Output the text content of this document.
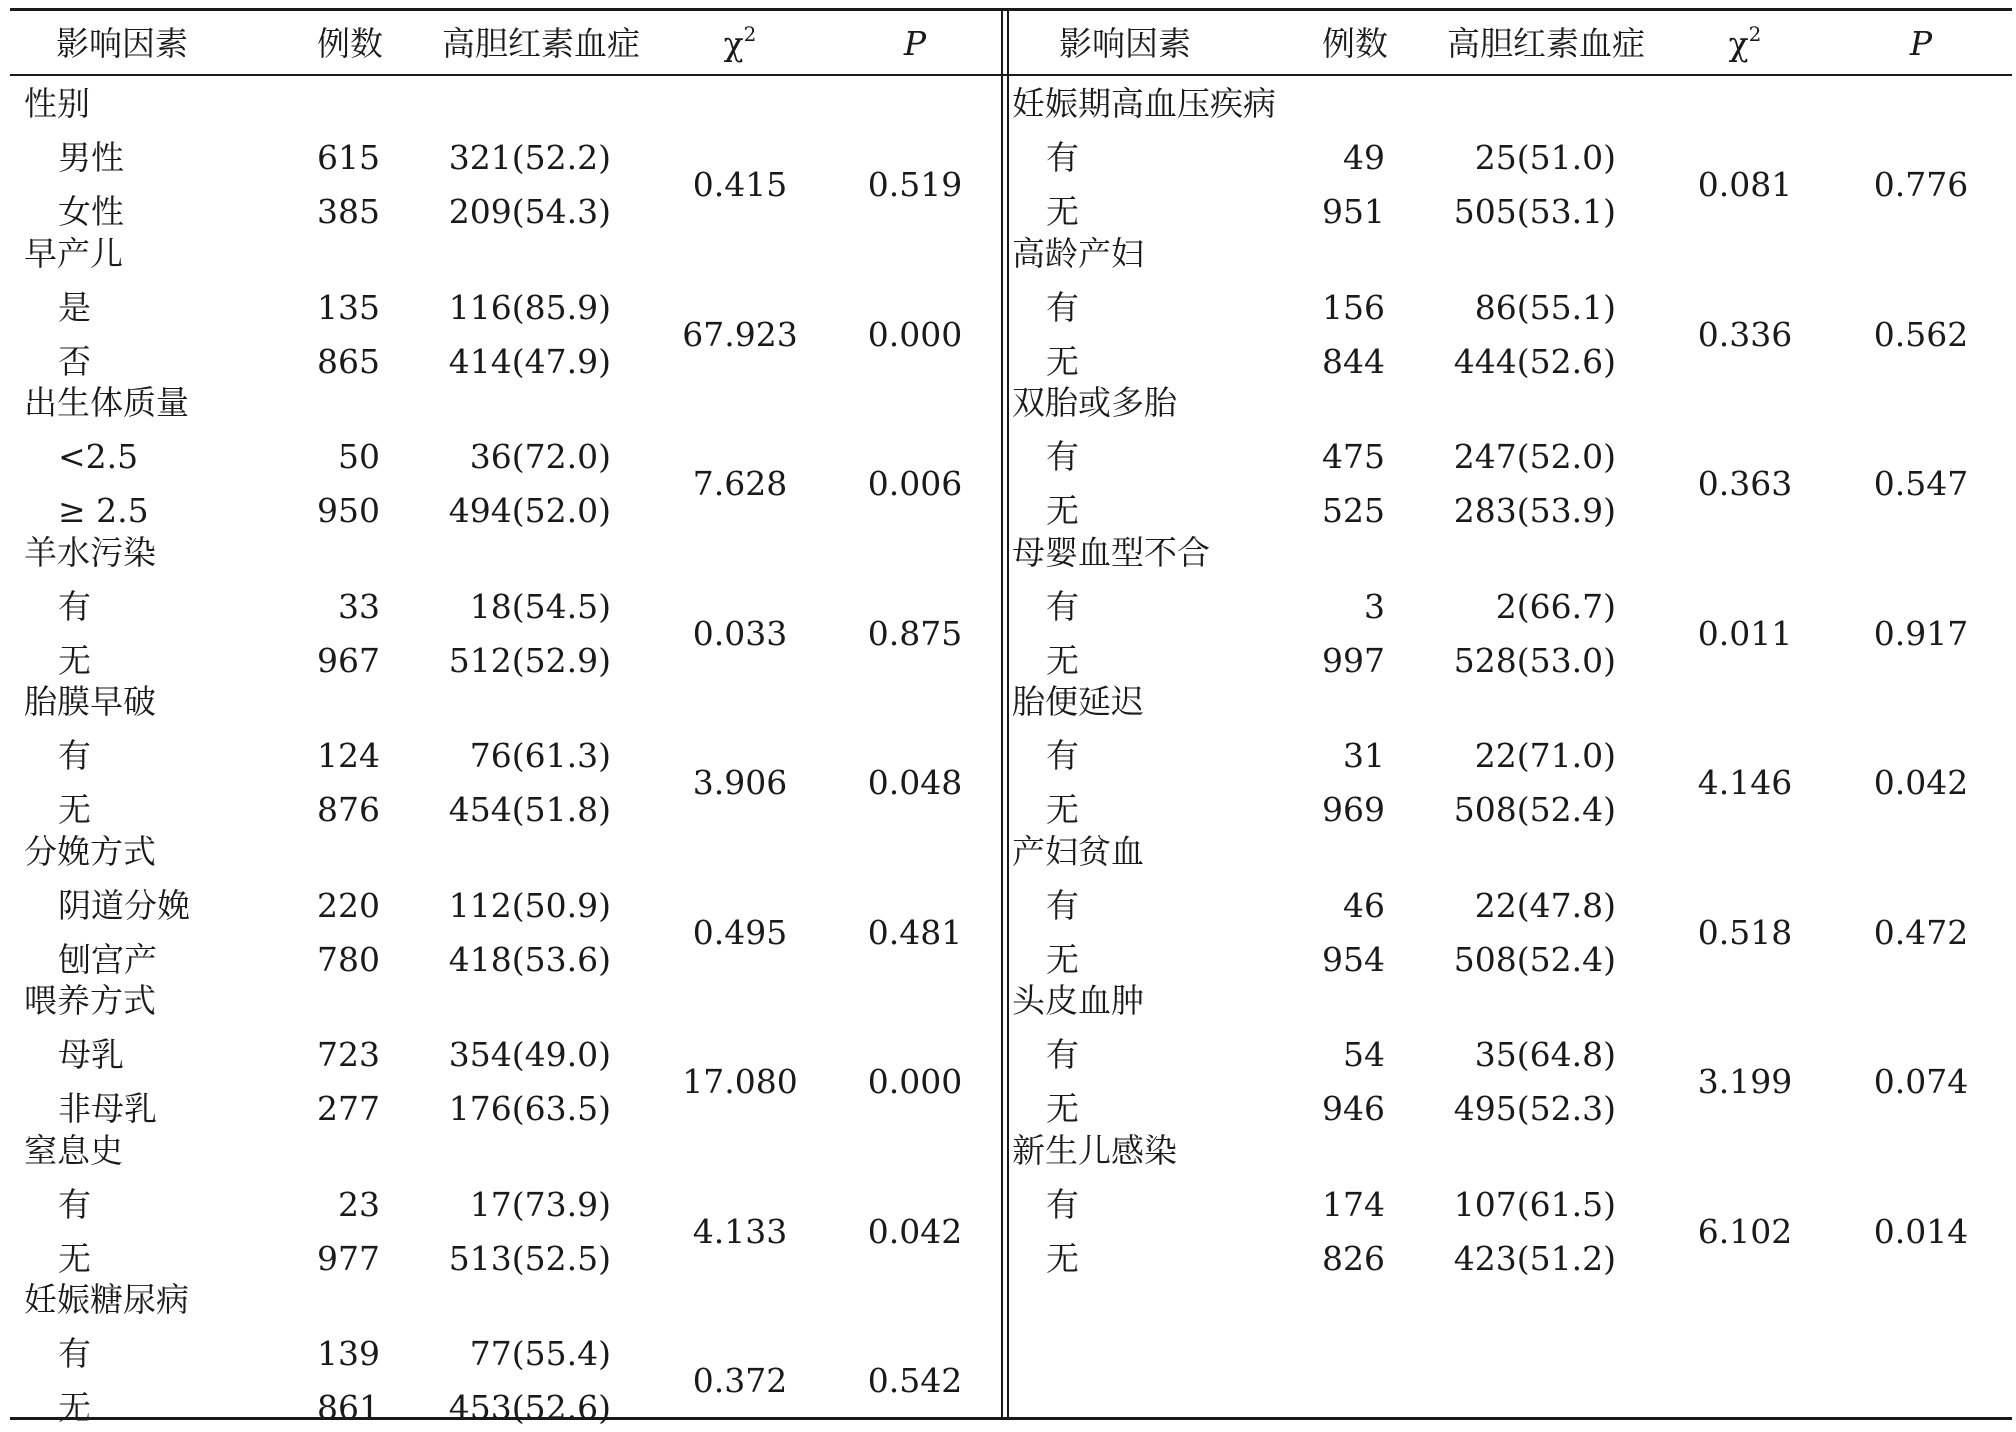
影响因素	例数	高胆红素血症	$\chi^2$	P
性别
男性	615	321(52.2)
女性	385	209(54.3)
0.415	0.519
早产儿
是	135	116(85.9)
否	865	414(47.9)
67.923	0.000
出生体质量
<2.5	50	36(72.0)
≥ 2.5	950	494(52.0)
7.628	0.006
羊水污染
有	33	18(54.5)
无	967	512(52.9)
0.033	0.875
胎膜早破
有	124	76(61.3)
无	876	454(51.8)
3.906	0.048
分娩方式
阴道分娩	220	112(50.9)
刨宫产	780	418(53.6)
0.495	0.481
喂养方式
母乳	723	354(49.0)
非母乳	277	176(63.5)
17.080	0.000
窒息史
有	23	17(73.9)
无	977	513(52.5)
4.133	0.042
妊娠糖尿病
有	139	77(55.4)
无	861	453(52.6)
0.372	0.542
影响因素	例数	高胆红素血症	$\chi^2$	P
妊娠期高血压疾病
有	49	25(51.0)
无	951	505(53.1)
0.081	0.776
高龄产妇
有	156	86(55.1)
无	844	444(52.6)
0.336	0.562
双胎或多胎
有	475	247(52.0)
无	525	283(53.9)
0.363	0.547
母婴血型不合
有	3	2(66.7)
无	997	528(53.0)
0.011	0.917
胎便延迟
有	31	22(71.0)
无	969	508(52.4)
4.146	0.042
产妇贫血
有	46	22(47.8)
无	954	508(52.4)
0.518	0.472
头皮血肿
有	54	35(64.8)
无	946	495(52.3)
3.199	0.074
新生儿感染
有	174	107(61.5)
无	826	423(51.2)
6.102	0.014
